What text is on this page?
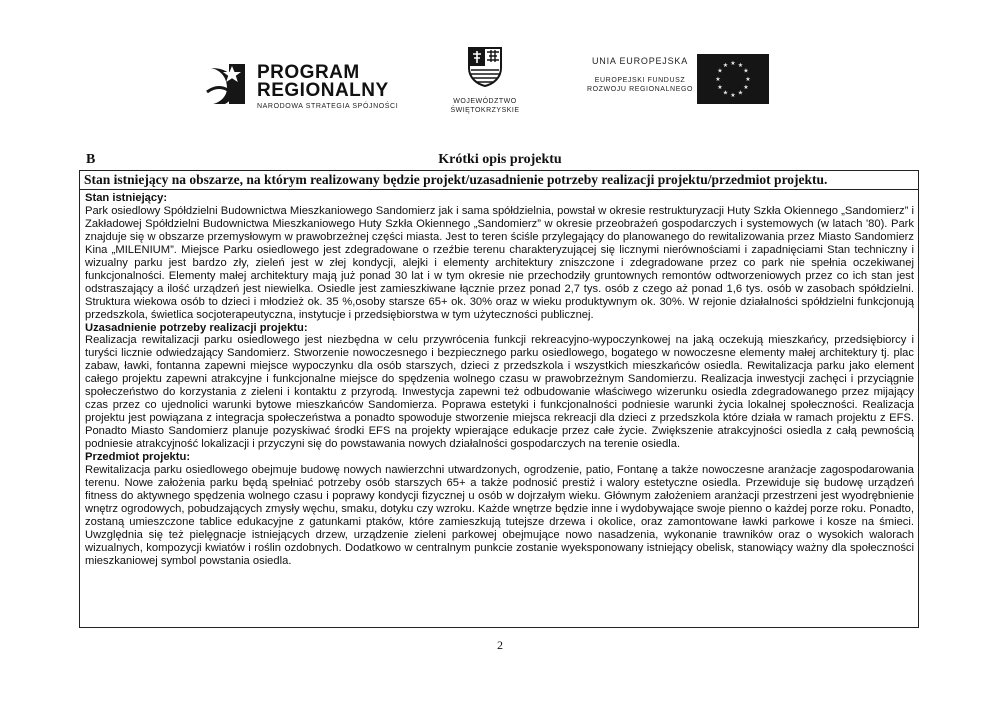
PROGRAM
REGIONALNY
NARODOWA STRATEGIA SPÓJNOŚCI
WOJEWÓDZTWO
ŚWIĘTOKRZYSKIE
UNIA EUROPEJSKA
EUROPEJSKI FUNDUSZ
ROZWOJU REGIONALNEGO
★ ★
★
★
★
★
★
★
★
★
★
★
B	Krótki opis projektu
Stan istniejący na obszarze, na którym realizowany będzie projekt/uzasadnienie potrzeby realizacji projektu/przedmiot projektu.
Stan istniejący:

Park osiedlowy Spółdzielni Budownictwa Mieszkaniowego Sandomierz jak i sama spółdzielnia, powstał w okresie restrukturyzacji Huty Szkła Okiennego „Sandomierz” i Zakładowej Spółdzielni Budownictwa Mieszkaniowego Huty Szkła Okiennego „Sandomierz” w okresie przeobrażeń gospodarczych i systemowych (w latach '80). Park znajduje się w obszarze przemysłowym w prawobrzeżnej części miasta. Jest to teren ściśle przylegający do planowanego do rewitalizowania przez Miasto Sandomierz Kina „MILENIUM”. Miejsce Parku osiedlowego jest zdegradowane o rzeźbie terenu charakteryzującej się licznymi nierównościami i zapadnięciami Stan techniczny i wizualny parku jest bardzo zły, zieleń jest w złej kondycji, alejki i elementy architektury zniszczone i zdegradowane przez co park nie spełnia oczekiwanej funkcjonalności. Elementy małej architektury mają już ponad 30 lat i w tym okresie nie przechodziły gruntownych remontów odtworzeniowych przez co ich stan jest odstraszający a ilość urządzeń jest niewielka. Osiedle jest zamieszkiwane łącznie przez ponad 2,7 tys. osób z czego aż ponad 1,6 tys. osób w zasobach spółdzielni. Struktura wiekowa osób to dzieci i młodzież ok. 35 %,osoby starsze 65+ ok. 30% oraz w wieku produktywnym ok. 30%. W rejonie działalności spółdzielni funkcjonują przedszkola, świetlica socjoterapeutyczna, instytucje i przedsiębiorstwa w tym użyteczności publicznej.

Uzasadnienie potrzeby realizacji projektu:

Realizacja rewitalizacji parku osiedlowego jest niezbędna w celu przywrócenia funkcji rekreacyjno-wypoczynkowej na jaką oczekują mieszkańcy, przedsiębiorcy i turyści licznie odwiedzający Sandomierz. Stworzenie nowoczesnego i bezpiecznego parku osiedlowego, bogatego w nowoczesne elementy małej architektury tj. plac zabaw, ławki, fontanna zapewni miejsce wypoczynku dla osób starszych, dzieci z przedszkola i wszystkich mieszkańców osiedla. Rewitalizacja parku jako element całego projektu zapewni atrakcyjne i funkcjonalne miejsce do spędzenia wolnego czasu w prawobrzeżnym Sandomierzu. Realizacja inwestycji zachęci i przyciągnie społeczeństwo do korzystania z zieleni i kontaktu z przyrodą. Inwestycja zapewni też odbudowanie właściwego wizerunku osiedla zdegradowanego przez mijający czas przez co ujednolici warunki bytowe mieszkańców Sandomierza. Poprawa estetyki i funkcjonalności podniesie warunki życia lokalnej społeczności. Realizacja projektu jest powiązana z integracja społeczeństwa a ponadto spowoduje stworzenie miejsca rekreacji dla dzieci z przedszkola które działa w ramach projektu z EFS. Ponadto Miasto Sandomierz planuje pozyskiwać środki EFS na projekty wpierające edukacje przez całe życie. Zwiększenie atrakcyjności osiedla z całą pewnością podniesie atrakcyjność lokalizacji i przyczyni się do powstawania nowych działalności gospodarczych na terenie osiedla.

Przedmiot projektu:

Rewitalizacja parku osiedlowego obejmuje budowę nowych nawierzchni utwardzonych, ogrodzenie, patio, Fontanę a także nowoczesne aranżacje zagospodarowania terenu. Nowe założenia parku będą spełniać potrzeby osób starszych 65+ a także podnosić prestiż i walory estetyczne osiedla. Przewiduje się budowę urządzeń fitness do aktywnego spędzenia wolnego czasu i poprawy kondycji fizycznej u osób w dojrzałym wieku. Głównym założeniem aranżacji przestrzeni jest wyodrębnienie wnętrz ogrodowych, pobudzających zmysły węchu, smaku, dotyku czy wzroku. Każde wnętrze będzie inne i wydobywające swoje pienno o każdej porze roku. Ponadto, zostaną umieszczone tablice edukacyjne z gatunkami ptaków, które zamieszkują tutejsze drzewa i okolice, oraz zamontowane ławki parkowe i kosze na śmieci. Uwzględnia się też pielęgnacje istniejących drzew, urządzenie zieleni parkowej obejmujące nowo nasadzenia, wykonanie trawników oraz o wysokich walorach wizualnych, kompozycji kwiatów i roślin ozdobnych. Dodatkowo w centralnym punkcie zostanie wyeksponowany istniejący obelisk, stanowiący ważny dla społeczności mieszkaniowej symbol powstania osiedla.

2
